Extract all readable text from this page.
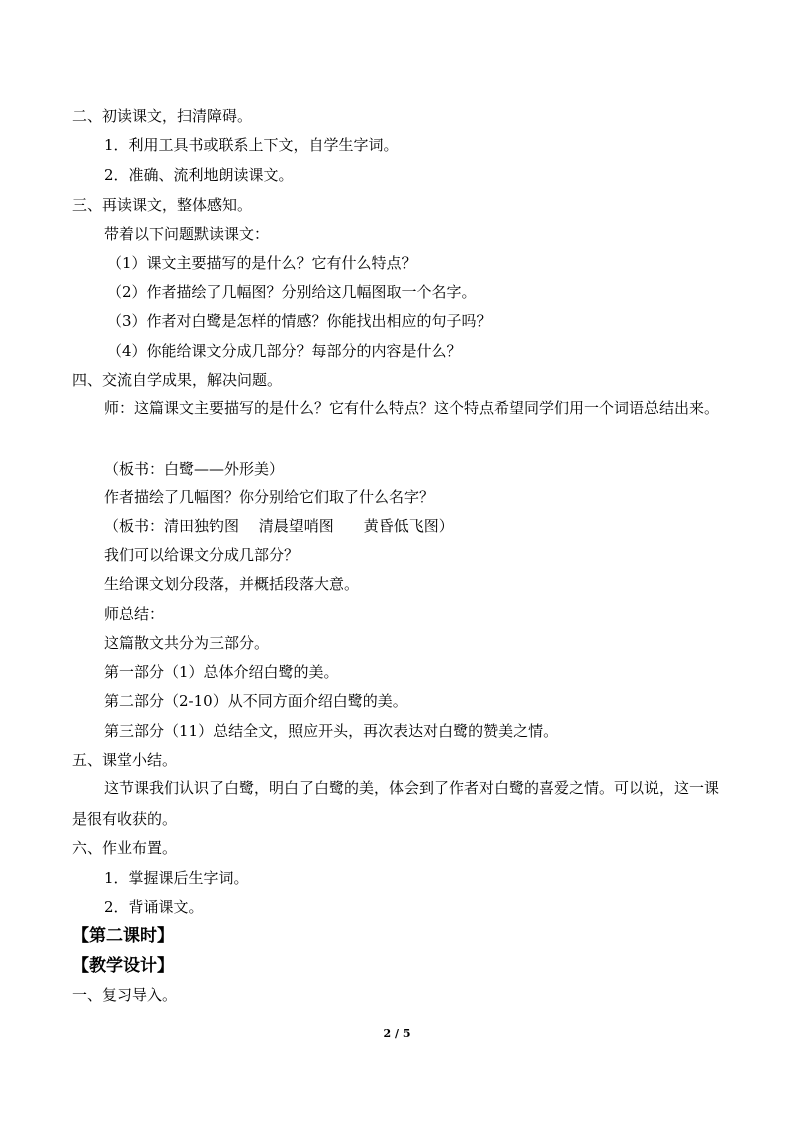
二、初读课文，扫清障碍。
1．利用工具书或联系上下文，自学生字词。
2．准确、流利地朗读课文。
三、再读课文，整体感知。
带着以下问题默读课文：
（1）课文主要描写的是什么？它有什么特点？
（2）作者描绘了几幅图？分别给这几幅图取一个名字。
（3）作者对白鹭是怎样的情感？你能找出相应的句子吗？
（4）你能给课文分成几部分？每部分的内容是什么？
四、交流自学成果，解决问题。
师：这篇课文主要描写的是什么？它有什么特点？这个特点希望同学们用一个词语总结出来。
（板书：白鹭——外形美）
作者描绘了几幅图？你分别给它们取了什么名字？
（板书：清田独钓图　 清晨望哨图　　黄昏低飞图）
我们可以给课文分成几部分？
生给课文划分段落，并概括段落大意。
师总结：
这篇散文共分为三部分。
第一部分（1）总体介绍白鹭的美。
第二部分（2-10）从不同方面介绍白鹭的美。
第三部分（11）总结全文，照应开头，再次表达对白鹭的赞美之情。
五、课堂小结。
这节课我们认识了白鹭，明白了白鹭的美，体会到了作者对白鹭的喜爱之情。可以说，这一课是很有收获的。
六、作业布置。
1．掌握课后生字词。
2．背诵课文。
【第二课时】
【教学设计】
一、复习导入。
2 / 5
